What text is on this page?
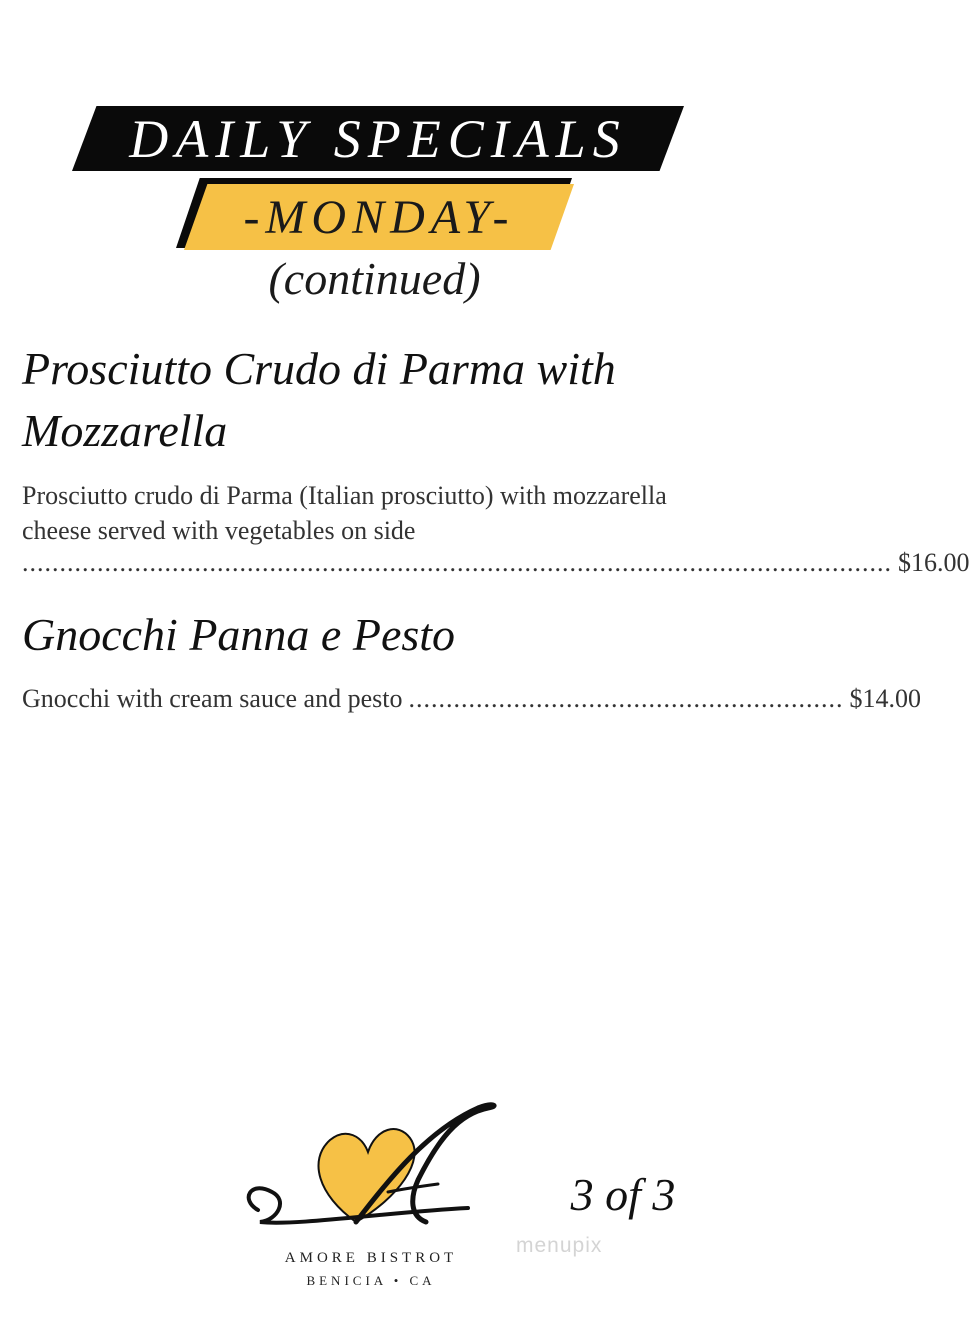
DAILY SPECIALS
-MONDAY-
(continued)
Prosciutto Crudo di Parma with Mozzarella
Prosciutto crudo di Parma (Italian prosciutto) with mozzarella cheese served with vegetables on side
.................................................................................................................... $16.00
Gnocchi Panna e Pesto
Gnocchi with cream sauce and pesto .......................................................... $14.00
AMORE BISTROT
BENICIA • CA
3 of 3
menupix
